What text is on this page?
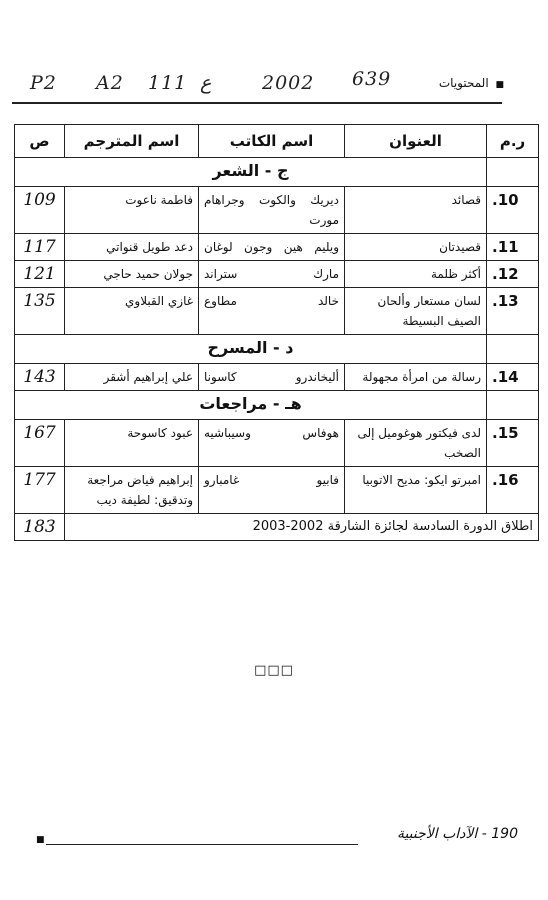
P2 A2 111 ع	2002 639	■ المحتويات
ر.م	العنوان	اسم الكاتب	اسم المترجم	ص
	ج - الشعر			
10.	قصائد	ديريك والكوت وجراهام مورت	فاطمة ناعوت	109
11.	قصيدتان	ويليم هين وجون لوغان	دعد طويل قنواتي	117
12.	أكثر ظلمة	مارك ستراند	جولان حميد حاجي	121
13.	لسان مستعار وألحان الصيف البسيطة	خالد مطاوع	غازي القبلاوي	135
	د - المسرح			
14.	رسالة من امرأة مجهولة	أليخاندرو كاسونا	علي إبراهيم أشقر	143
	هـ - مراجعات			
15.	لدى فيكتور هوغوميل إلى الصخب	هوفاس وسيباشيه	عبود كاسوحة	167
16.	امبرتو ايكو: مديح الاتوبيا	فابيو غامبارو	إبراهيم فياض مراجعة وتدقيق: لطيفة ديب	177
اطلاق الدورة السادسة لجائزة الشارقة 2002-2003				183
□□□
■	190 - الآداب الأجنبية
